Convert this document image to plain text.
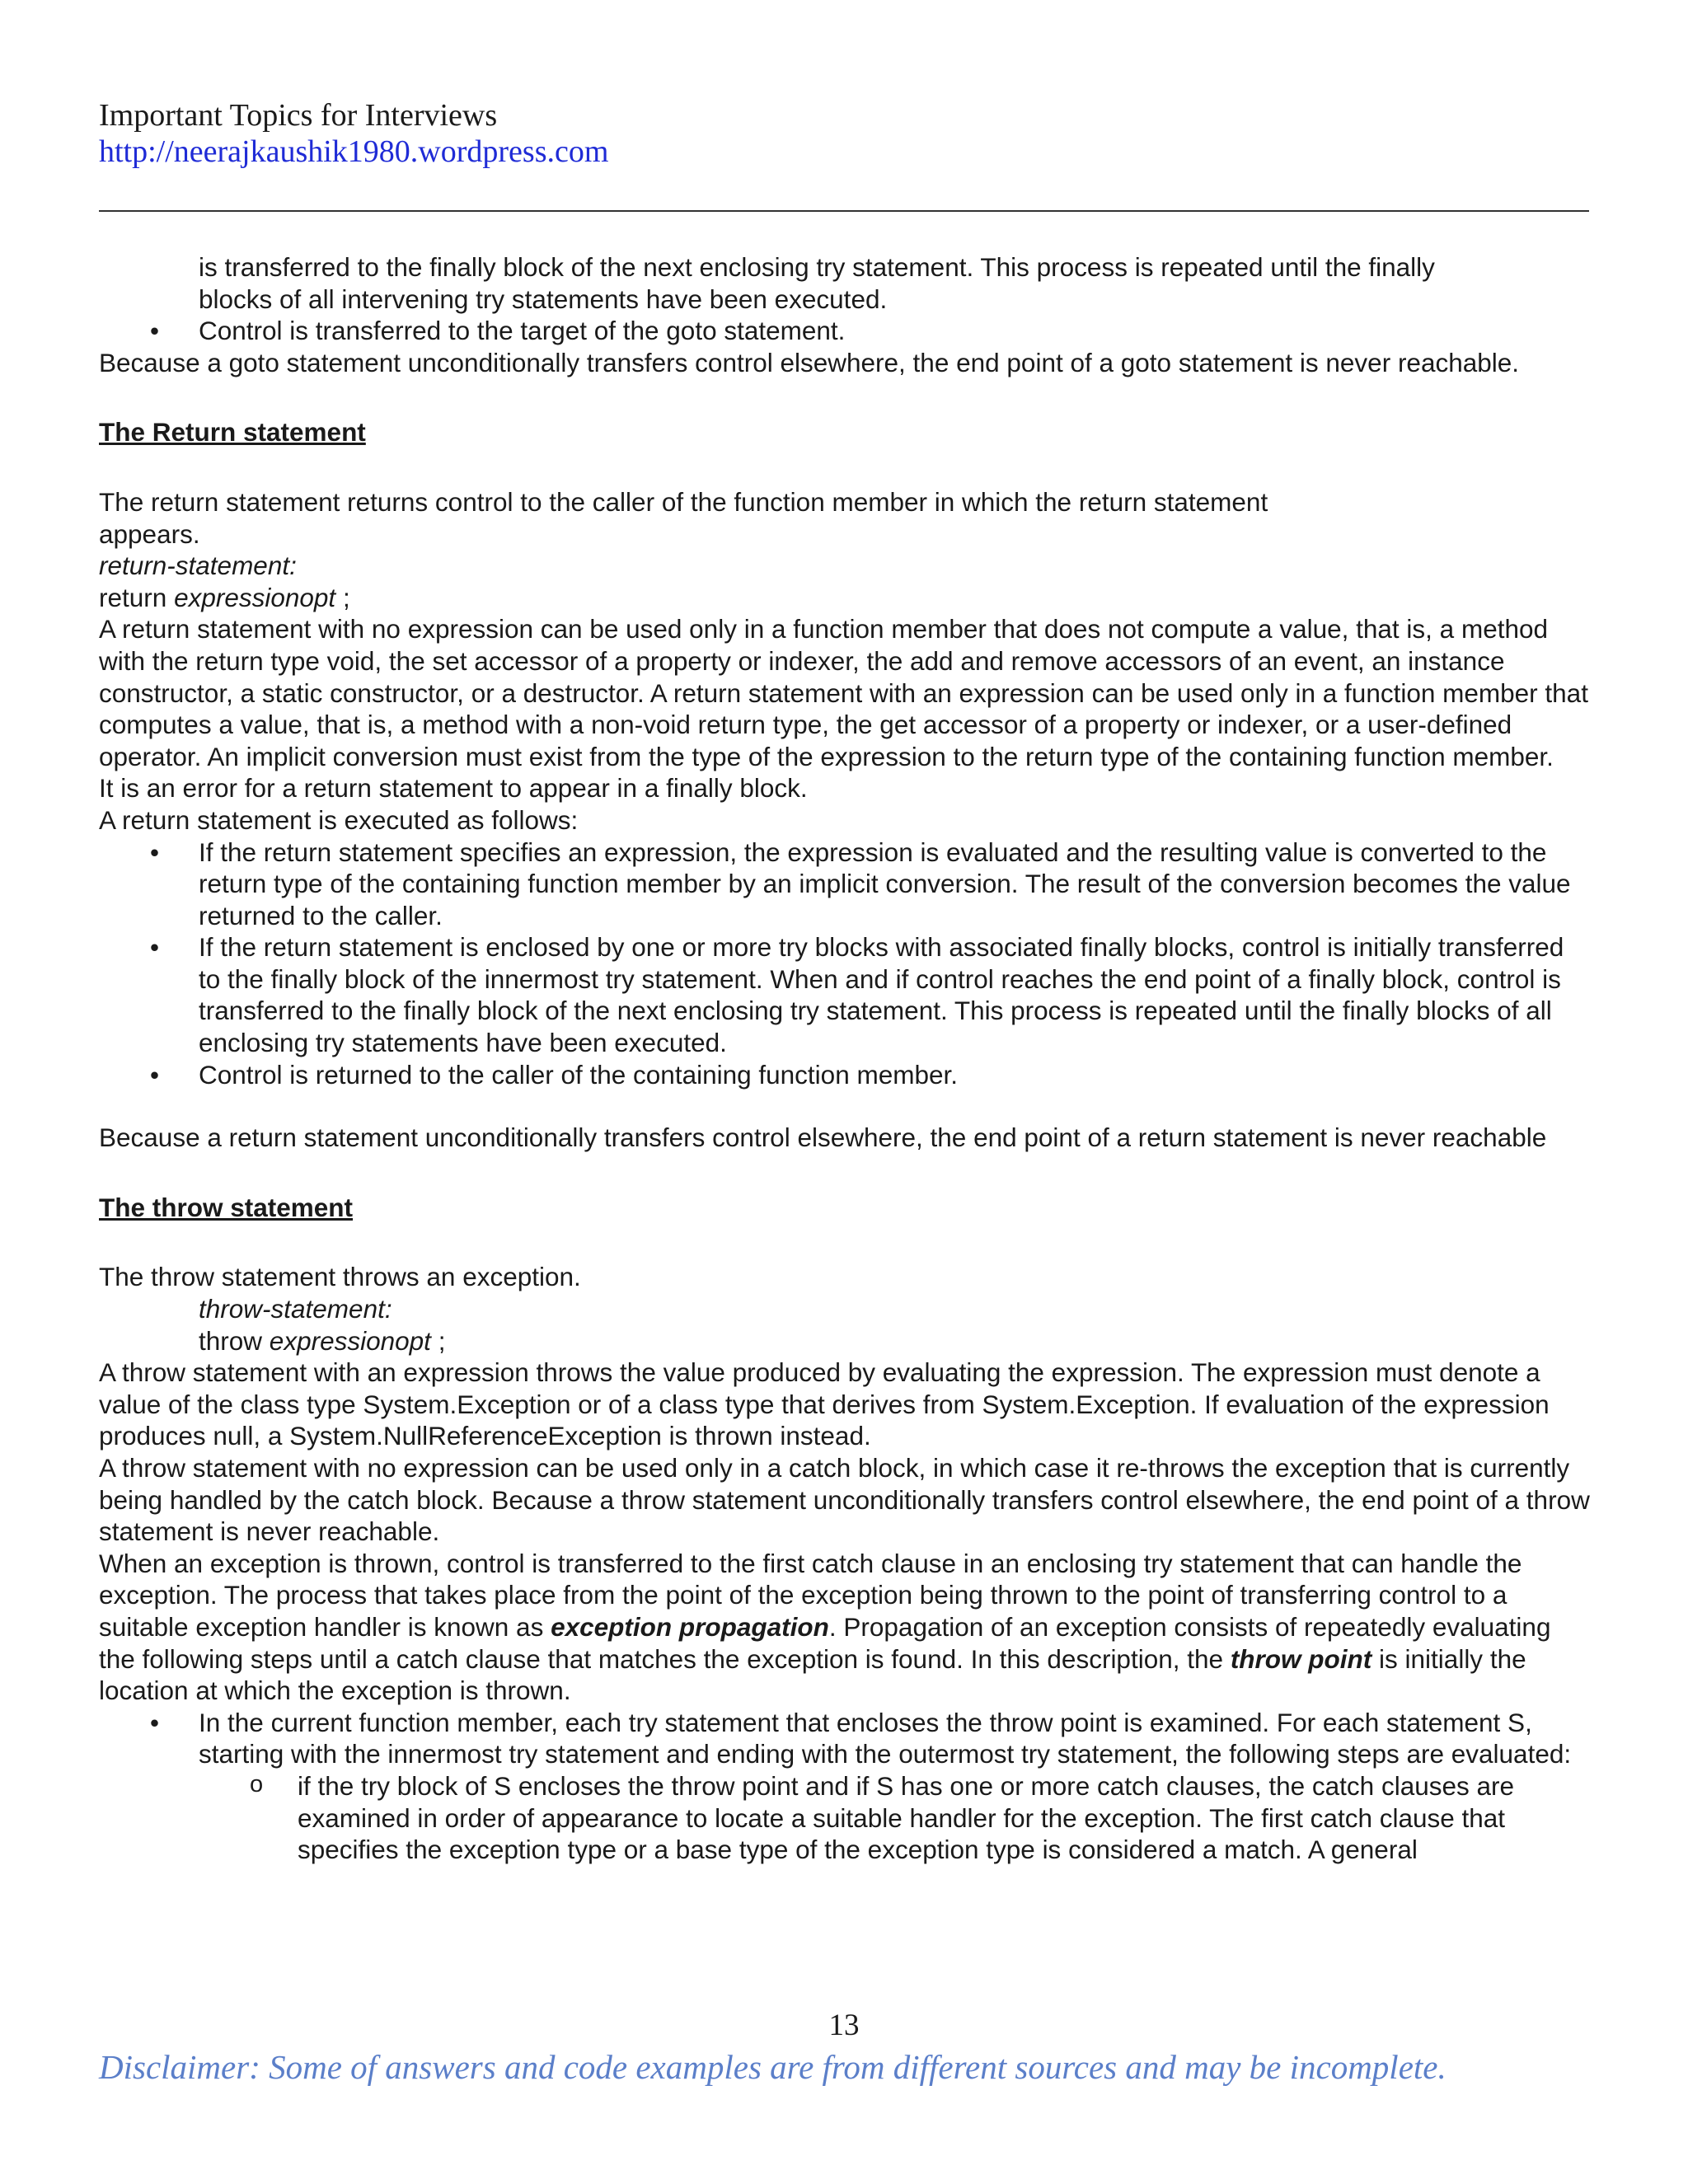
Important Topics for Interviews
http://neerajkaushik1980.wordpress.com

is transferred to the finally block of the next enclosing try statement. This process is repeated until the finally

blocks of all intervening try statements have been executed.

• Control is transferred to the target of the goto statement.

Because a goto statement unconditionally transfers control elsewhere, the end point of a goto statement is never reachable.

The Return statement

The return statement returns control to the caller of the function member in which the return statement

appears.

return-statement:

return expressionopt ;

A return statement with no expression can be used only in a function member that does not compute a value, that is, a method with the return type void, the set accessor of a property or indexer, the add and remove accessors of an event, an instance constructor, a static constructor, or a destructor. A return statement with an expression can be used only in a function member that computes a value, that is, a method with a non-void return type, the get accessor of a property or indexer, or a user-defined operator. An implicit conversion must exist from the type of the expression to the return type of the containing function member.

It is an error for a return statement to appear in a finally block.

A return statement is executed as follows:

• If the return statement specifies an expression, the expression is evaluated and the resulting value is converted to the return type of the containing function member by an implicit conversion. The result of the conversion becomes the value returned to the caller.
• If the return statement is enclosed by one or more try blocks with associated finally blocks, control is initially transferred to the finally block of the innermost try statement. When and if control reaches the end point of a finally block, control is transferred to the finally block of the next enclosing try statement. This process is repeated until the finally blocks of all enclosing try statements have been executed.
• Control is returned to the caller of the containing function member.

Because a return statement unconditionally transfers control elsewhere, the end point of a return statement is never reachable

The throw statement

The throw statement throws an exception.

throw-statement:

throw expressionopt ;

A throw statement with an expression throws the value produced by evaluating the expression. The expression must denote a value of the class type System.Exception or of a class type that derives from System.Exception. If evaluation of the expression produces null, a System.NullReferenceException is thrown instead.

A throw statement with no expression can be used only in a catch block, in which case it re-throws the exception that is currently being handled by the catch block. Because a throw statement unconditionally transfers control elsewhere, the end point of a throw statement is never reachable.

When an exception is thrown, control is transferred to the first catch clause in an enclosing try statement that can handle the exception. The process that takes place from the point of the exception being thrown to the point of transferring control to a suitable exception handler is known as exception propagation. Propagation of an exception consists of repeatedly evaluating the following steps until a catch clause that matches the exception is found. In this description, the throw point is initially the location at which the exception is thrown.

• In the current function member, each try statement that encloses the throw point is examined. For each statement S, starting with the innermost try statement and ending with the outermost try statement, the following steps are evaluated:
o if the try block of S encloses the throw point and if S has one or more catch clauses, the catch clauses are examined in order of appearance to locate a suitable handler for the exception. The first catch clause that specifies the exception type or a base type of the exception type is considered a match. A general
13
Disclaimer: Some of answers and code examples are from different sources and may be incomplete.
